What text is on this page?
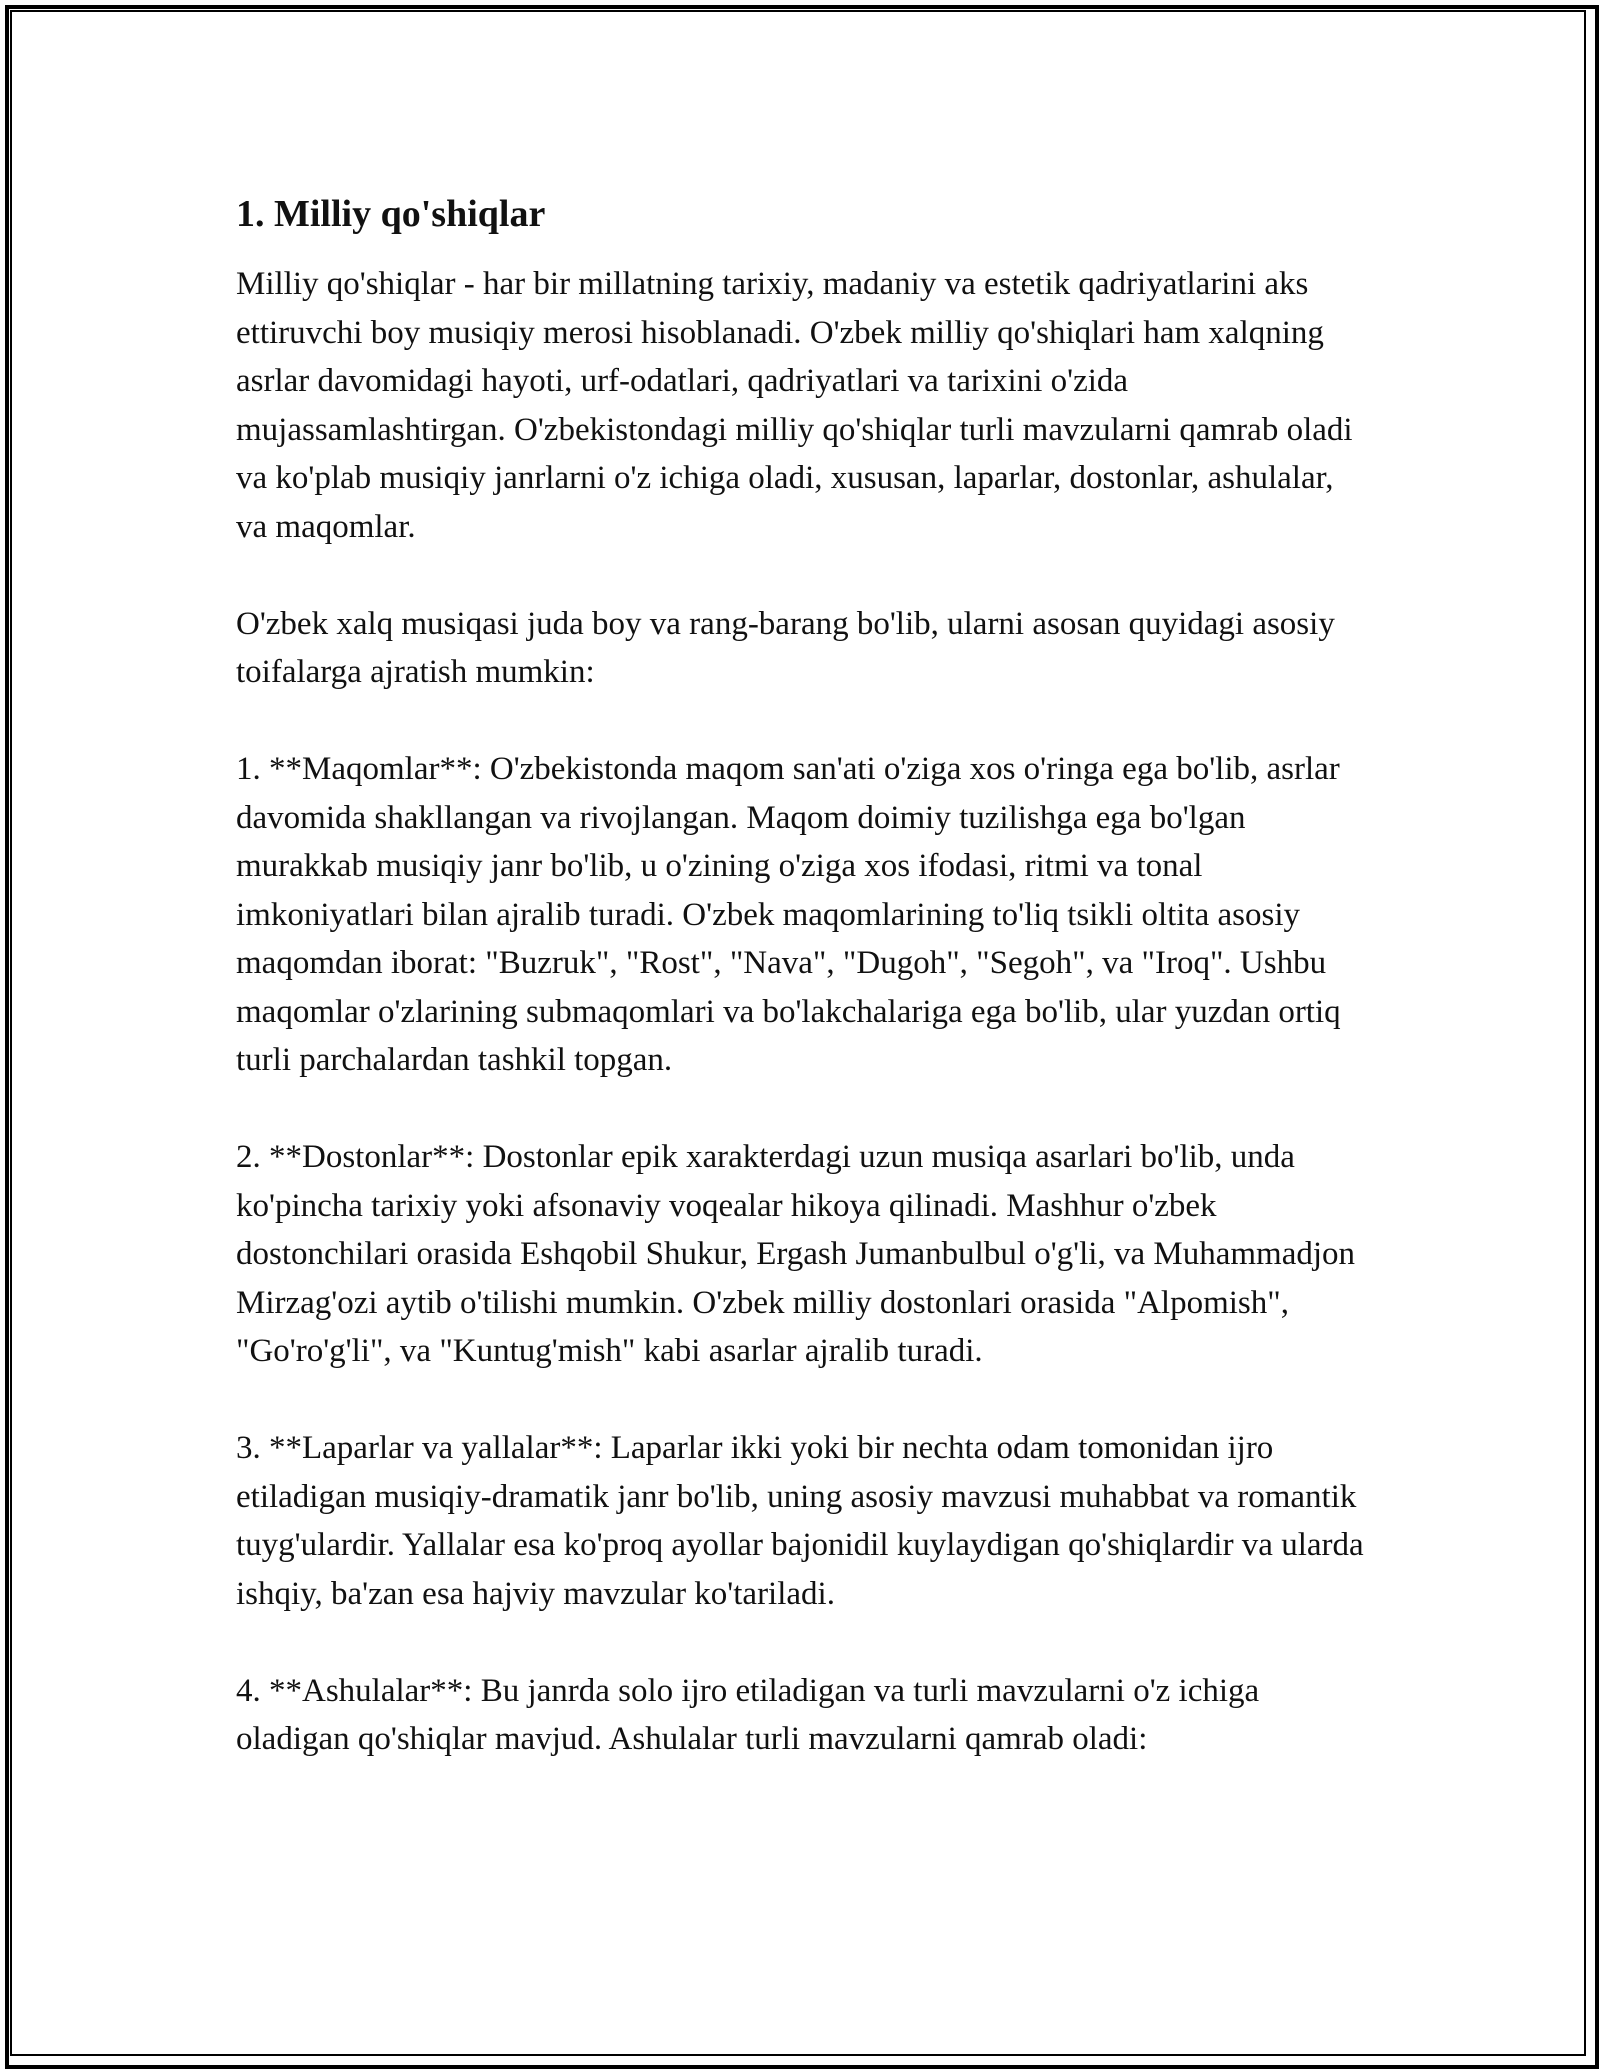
1. Milliy qo'shiqlar

Milliy qo'shiqlar - har bir millatning tarixiy, madaniy va estetik qadriyatlarini aks ettiruvchi boy musiqiy merosi hisoblanadi. O'zbek milliy qo'shiqlari ham xalqning asrlar davomidagi hayoti, urf-odatlari, qadriyatlari va tarixini o'zida mujassamlashtirgan. O'zbekistondagi milliy qo'shiqlar turli mavzularni qamrab oladi va ko'plab musiqiy janrlarni o'z ichiga oladi, xususan, laparlar, dostonlar, ashulalar, va maqomlar.

O'zbek xalq musiqasi juda boy va rang-barang bo'lib, ularni asosan quyidagi asosiy toifalarga ajratish mumkin:

1. **Maqomlar**: O'zbekistonda maqom san'ati o'ziga xos o'ringa ega bo'lib, asrlar davomida shakllangan va rivojlangan. Maqom doimiy tuzilishga ega bo'lgan murakkab musiqiy janr bo'lib, u o'zining o'ziga xos ifodasi, ritmi va tonal imkoniyatlari bilan ajralib turadi. O'zbek maqomlarining to'liq tsikli oltita asosiy maqomdan iborat: "Buzruk", "Rost", "Nava", "Dugoh", "Segoh", va "Iroq". Ushbu maqomlar o'zlarining submaqomlari va bo'lakchalariga ega bo'lib, ular yuzdan ortiq turli parchalardan tashkil topgan.

2. **Dostonlar**: Dostonlar epik xarakterdagi uzun musiqa asarlari bo'lib, unda ko'pincha tarixiy yoki afsonaviy voqealar hikoya qilinadi. Mashhur o'zbek dostonchilari orasida Eshqobil Shukur, Ergash Jumanbulbul o'g'li, va Muhammadjon Mirzag'ozi aytib o'tilishi mumkin. O'zbek milliy dostonlari orasida "Alpomish", "Go'ro'g'li", va "Kuntug'mish" kabi asarlar ajralib turadi.

3. **Laparlar va yallalar**: Laparlar ikki yoki bir nechta odam tomonidan ijro etiladigan musiqiy-dramatik janr bo'lib, uning asosiy mavzusi muhabbat va romantik tuyg'ulardir. Yallalar esa ko'proq ayollar bajonidil kuylaydigan qo'shiqlardir va ularda ishqiy, ba'zan esa hajviy mavzular ko'tariladi.

4. **Ashulalar**: Bu janrda solo ijro etiladigan va turli mavzularni o'z ichiga oladigan qo'shiqlar mavjud. Ashulalar turli mavzularni qamrab oladi:
